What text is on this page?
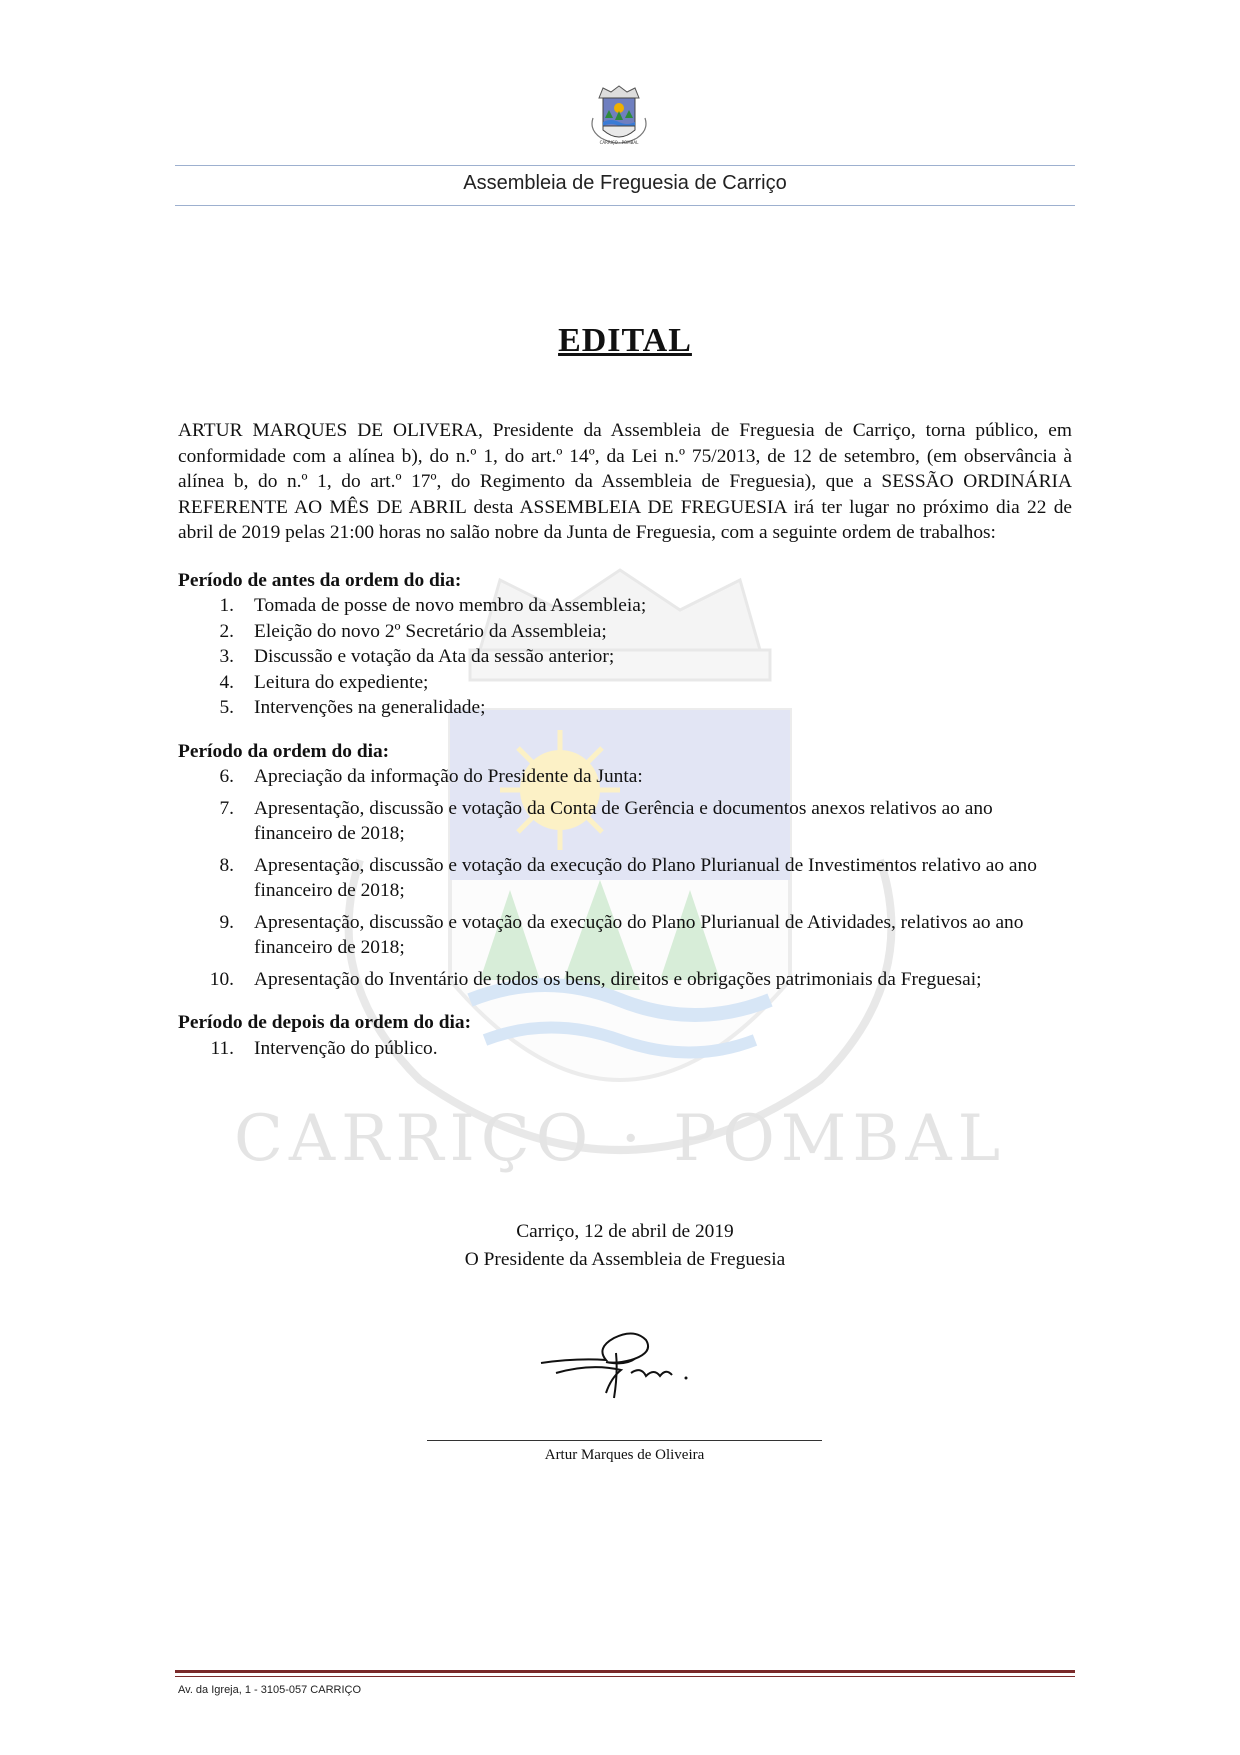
CARRIÇO · POMBAL
Assembleia de Freguesia de Carriço
CARRIÇO · POMBAL
EDITAL

ARTUR MARQUES DE OLIVERA, Presidente da Assembleia de Freguesia de Carriço, torna público, em conformidade com a alínea b), do n.º 1, do art.º 14º, da Lei n.º 75/2013, de 12 de setembro, (em observância à alínea b, do n.º 1, do art.º 17º, do Regimento da Assembleia de Freguesia), que a SESSÃO ORDINÁRIA REFERENTE AO MÊS DE ABRIL desta ASSEMBLEIA DE FREGUESIA irá ter lugar no próximo dia 22 de abril de 2019 pelas 21:00 horas no salão nobre da Junta de Freguesia, com a seguinte ordem de trabalhos:

Período de antes da ordem do dia:
1. Tomada de posse de novo membro da Assembleia;
2. Eleição do novo 2º Secretário da Assembleia;
3. Discussão e votação da Ata da sessão anterior;
4. Leitura do expediente;
5. Intervenções na generalidade;
Período da ordem do dia:
6. Apreciação da informação do Presidente da Junta:
7. Apresentação, discussão e votação da Conta de Gerência e documentos anexos relativos ao ano financeiro de 2018;
8. Apresentação, discussão e votação da execução do Plano Plurianual de Investimentos relativo ao ano financeiro de 2018;
9. Apresentação, discussão e votação da execução do Plano Plurianual de Atividades, relativos ao ano financeiro de 2018;
10. Apresentação do Inventário de todos os bens, direitos e obrigações patrimoniais da Freguesai;
Período de depois da ordem do dia:
11. Intervenção do público.
Carriço, 12 de abril de 2019
O Presidente da Assembleia de Freguesia
Artur Marques de Oliveira
Av. da Igreja, 1 - 3105-057 CARRIÇO
